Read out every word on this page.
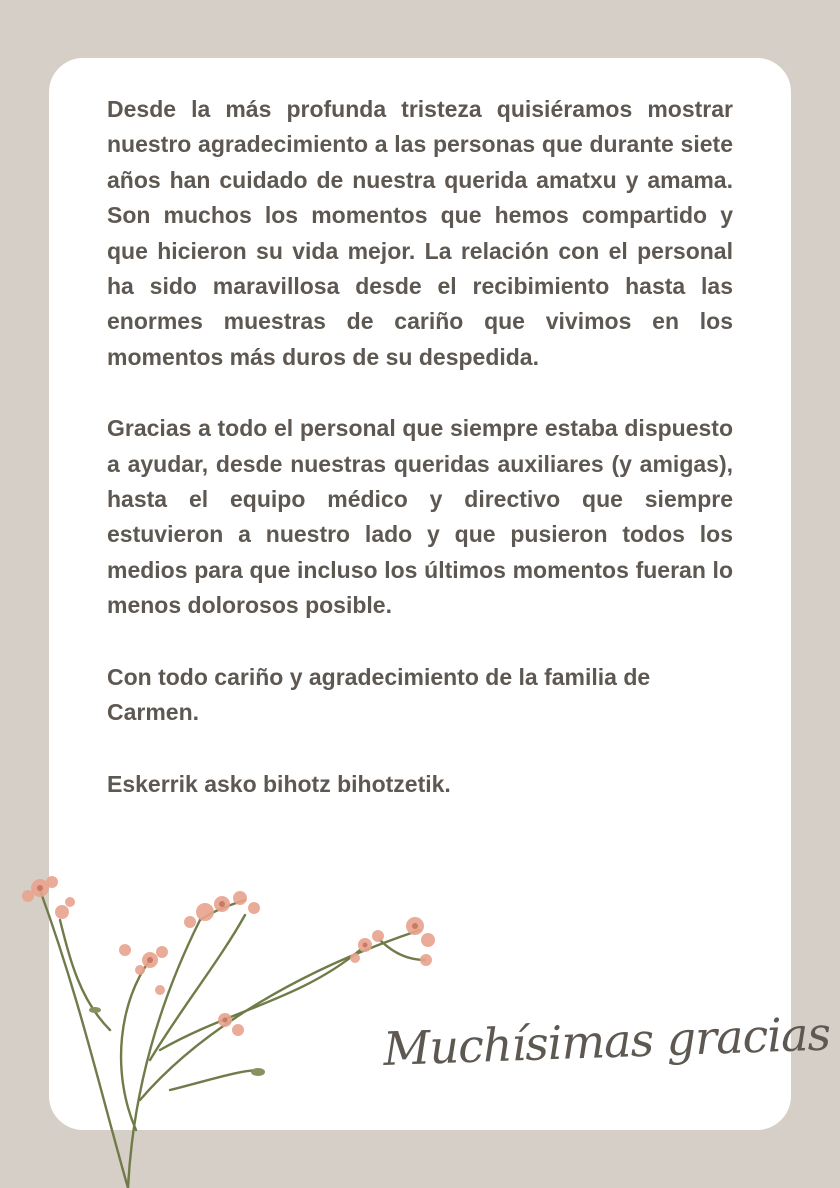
Desde la más profunda tristeza quisiéramos mostrar nuestro agradecimiento a las personas que durante siete años han cuidado de nuestra querida amatxu y amama. Son muchos los momentos que hemos compartido y que hicieron su vida mejor. La relación con el personal ha sido maravillosa desde el recibimiento hasta las enormes muestras de cariño que vivimos en los momentos más duros de su despedida.

Gracias a todo el personal que siempre estaba dispuesto a ayudar, desde nuestras queridas auxiliares (y amigas), hasta el equipo médico y directivo que siempre estuvieron a nuestro lado y que pusieron todos los medios para que incluso los últimos momentos fueran lo menos dolorosos posible.

Con todo cariño y agradecimiento de la familia de Carmen.

Eskerrik asko bihotz bihotzetik.

Muchísimas gracias
